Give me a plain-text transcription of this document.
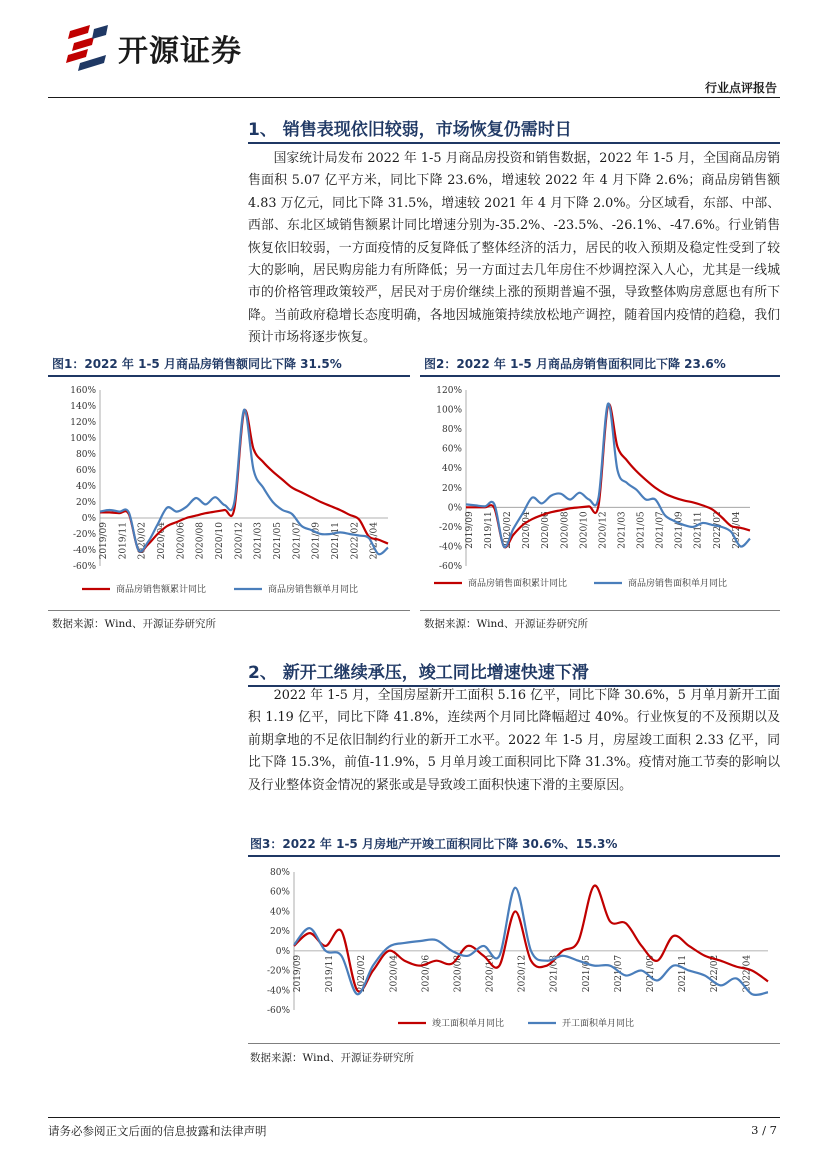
开源证券
行业点评报告
1、 销售表现依旧较弱，市场恢复仍需时日

国家统计局发布 2022 年 1-5 月商品房投资和销售数据，2022 年 1-5 月，全国商品房销售面积 5.07 亿平方米，同比下降 23.6%，增速较 2022 年 4 月下降 2.6%；商品房销售额 4.83 万亿元，同比下降 31.5%，增速较 2021 年 4 月下降 2.0%。分区域看，东部、中部、西部、东北区域销售额累计同比增速分别为-35.2%、-23.5%、-26.1%、-47.6%。行业销售恢复依旧较弱，一方面疫情的反复降低了整体经济的活力，居民的收入预期及稳定性受到了较大的影响，居民购房能力有所降低；另一方面过去几年房住不炒调控深入人心，尤其是一线城市的价格管理政策较严，居民对于房价继续上涨的预期普遍不强，导致整体购房意愿也有所下降。当前政府稳增长态度明确，各地因城施策持续放松地产调控，随着国内疫情的趋稳，我们预计市场将逐步恢复。

图1：2022 年 1-5 月商品房销售额同比下降 31.5%	图2：2022 年 1-5 月商品房销售面积同比下降 23.6%
-60%
-40%
-20%
0%
20%
40%
60%
80%
100%
120%
140%
160%
2019/09 2019/11 2020/02 2020/04 2020/06 2020/08 2020/10 2020/12 2021/03 2021/05 2021/07 2021/09 2021/11 2022/02 2022/04
商品房销售额累计同比	商品房销售额单月同比
数据来源：Wind、开源证券研究所
-60%
-40%
-20%
0%
20%
40%
60%
80%
100%
120%
2019/09 2019/11 2020/02 2020/04 2020/06 2020/08 2020/10 2020/12 2021/03 2021/05 2021/07 2021/09 2021/11 2022/02 2022/04
商品房销售面积累计同比	商品房销售面积单月同比
数据来源：Wind、开源证券研究所
2、 新开工继续承压，竣工同比增速快速下滑

2022 年 1-5 月，全国房屋新开工面积 5.16 亿平，同比下降 30.6%，5 月单月新开工面积 1.19 亿平，同比下降 41.8%，连续两个月同比降幅超过 40%。行业恢复的不及预期以及前期拿地的不足依旧制约行业的新开工水平。2022 年 1-5 月，房屋竣工面积 2.33 亿平，同比下降 15.3%，前值-11.9%，5 月单月竣工面积同比下降 31.3%。疫情对施工节奏的影响以及行业整体资金情况的紧张或是导致竣工面积快速下滑的主要原因。

图3：2022 年 1-5 月房地产开竣工面积同比下降 30.6%、15.3%
-60%
-40%
-20%
0%
20%
40%
60%
80%
2019/09 2019/11 2020/02 2020/04 2020/06 2020/08 2020/10 2020/12 2021/03 2021/05 2021/07 2021/09 2021/11 2022/02 2022/04
竣工面积单月同比	开工面积单月同比
数据来源：Wind、开源证券研究所
请务必参阅正文后面的信息披露和法律声明	3 / 7
